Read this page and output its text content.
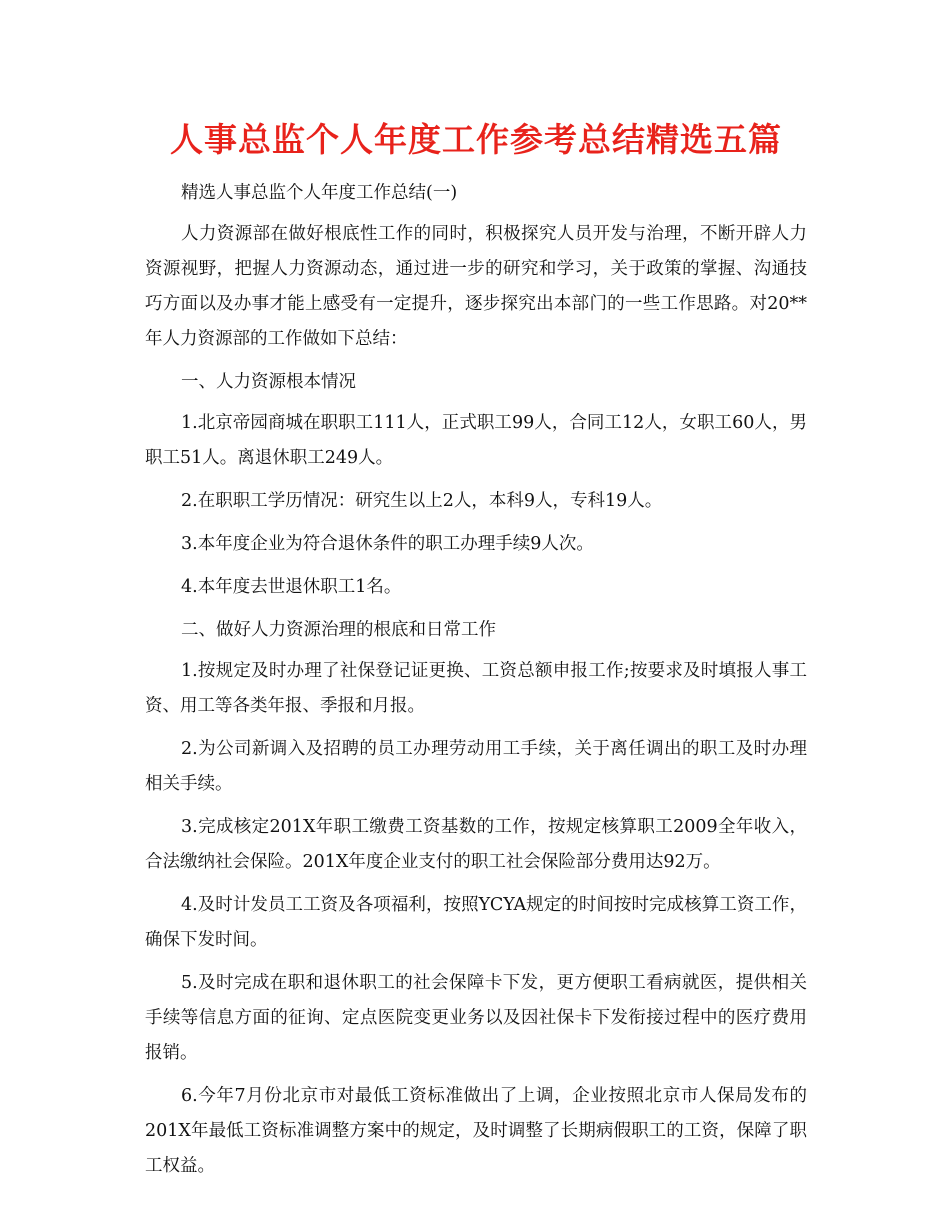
人事总监个人年度工作参考总结精选五篇

精选人事总监个人年度工作总结(一)

人力资源部在做好根底性工作的同时，积极探究人员开发与治理，不断开辟人力资源视野，把握人力资源动态，通过进一步的研究和学习，关于政策的掌握、沟通技巧方面以及办事才能上感受有一定提升，逐步探究出本部门的一些工作思路。对20**年人力资源部的工作做如下总结：

一、人力资源根本情况

1.北京帝园商城在职职工111人，正式职工99人，合同工12人，女职工60人，男职工51人。离退休职工249人。

2.在职职工学历情况：研究生以上2人，本科9人，专科19人。

3.本年度企业为符合退休条件的职工办理手续9人次。

4.本年度去世退休职工1名。

二、做好人力资源治理的根底和日常工作

1.按规定及时办理了社保登记证更换、工资总额申报工作;按要求及时填报人事工资、用工等各类年报、季报和月报。

2.为公司新调入及招聘的员工办理劳动用工手续，关于离任调出的职工及时办理相关手续。

3.完成核定201X年职工缴费工资基数的工作，按规定核算职工2009全年收入，合法缴纳社会保险。201X年度企业支付的职工社会保险部分费用达92万。

4.及时计发员工工资及各项福利，按照YCYA规定的时间按时完成核算工资工作，确保下发时间。

5.及时完成在职和退休职工的社会保障卡下发，更方便职工看病就医，提供相关手续等信息方面的征询、定点医院变更业务以及因社保卡下发衔接过程中的医疗费用报销。

6.今年7月份北京市对最低工资标准做出了上调，企业按照北京市人保局发布的201X年最低工资标准调整方案中的规定，及时调整了长期病假职工的工资，保障了职工权益。
